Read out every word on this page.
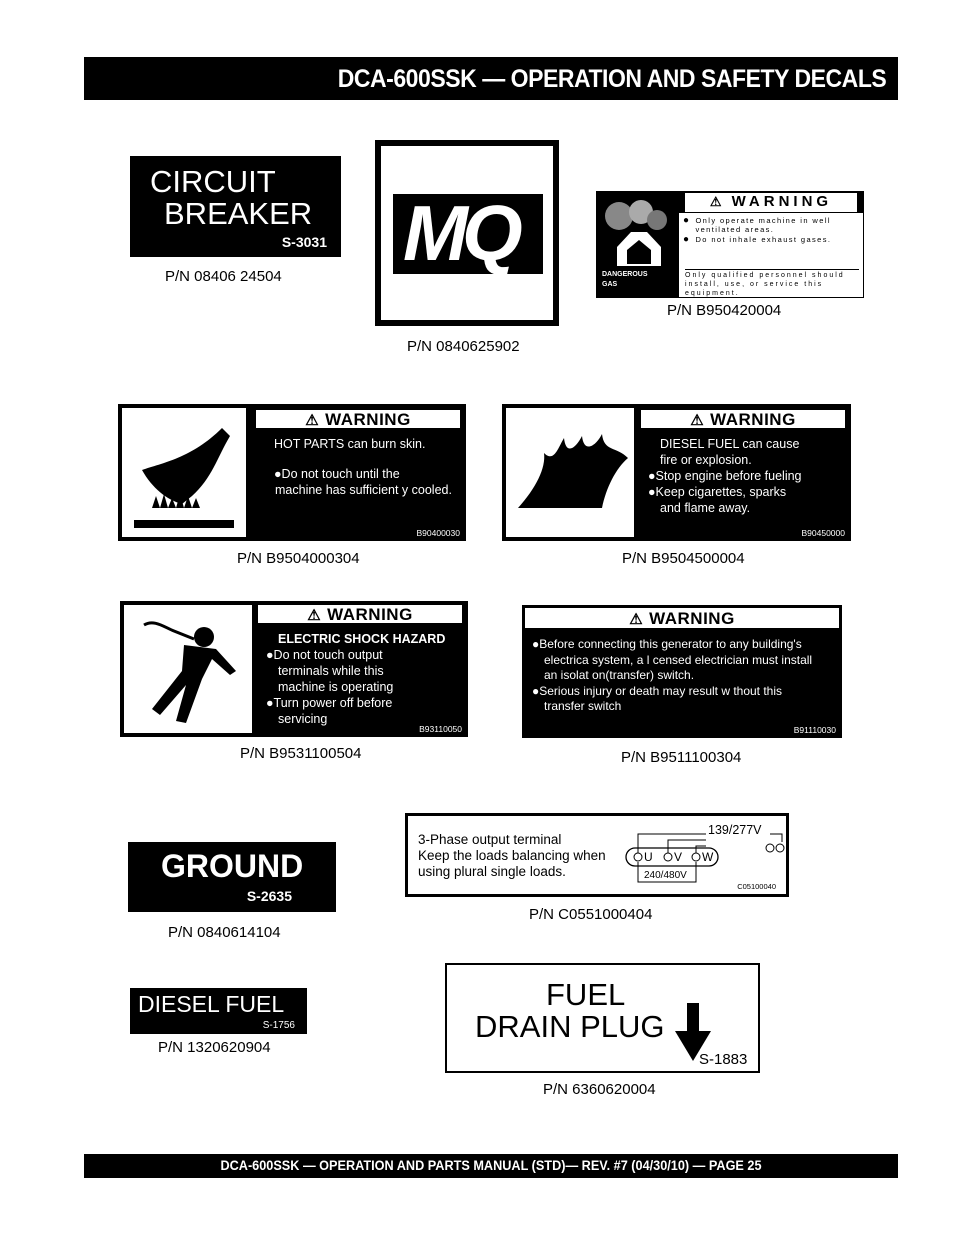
DCA-600SSK — OPERATION AND SAFETY DECALS
CIRCUIT
BREAKER
S-3031
P/N 08406 24504
Denyo
MQ
POWER
S-3057
P/N 0840625902
DANGEROUS GAS
⚠ WARNING
● Only operate machine in well ventilated areas.
● Do not inhale exhaust gases.
Only qualified personnel should install, use, or service this equipment.
P/N B950420004
⚠ WARNING
HOT PARTS can burn skin.
●Do not touch until the
machine has sufficient y cooled.
B90400030
P/N B9504000304
⚠ WARNING
DIESEL FUEL can cause
fire or explosion.
●Stop engine before fueling
●Keep cigarettes, sparks
and flame away.
B90450000
P/N B9504500004
⚠ WARNING
ELECTRIC SHOCK HAZARD
●Do not touch output
terminals while this
machine is operating
●Turn power off before
servicing
B93110050
P/N B9531100504
⚠ WARNING
●Before connecting this generator to any building's
electrica system, a l censed electrician must install
an isolat on(transfer) switch.
●Serious injury or death may result w thout this
transfer switch
B91110030
P/N B9511100304
GROUND
S-2635
P/N 0840614104
3-Phase output terminal
Keep the loads balancing when
using plural single loads.
139/277V
U V W
240/480V
C05100040
P/N C0551000404
DIESEL FUEL
S-1756
P/N 1320620904
FUEL
DRAIN PLUG
S-1883
P/N 6360620004
DCA-600SSK — OPERATION AND PARTS MANUAL (STD)— REV. #7 (04/30/10) — PAGE 25
